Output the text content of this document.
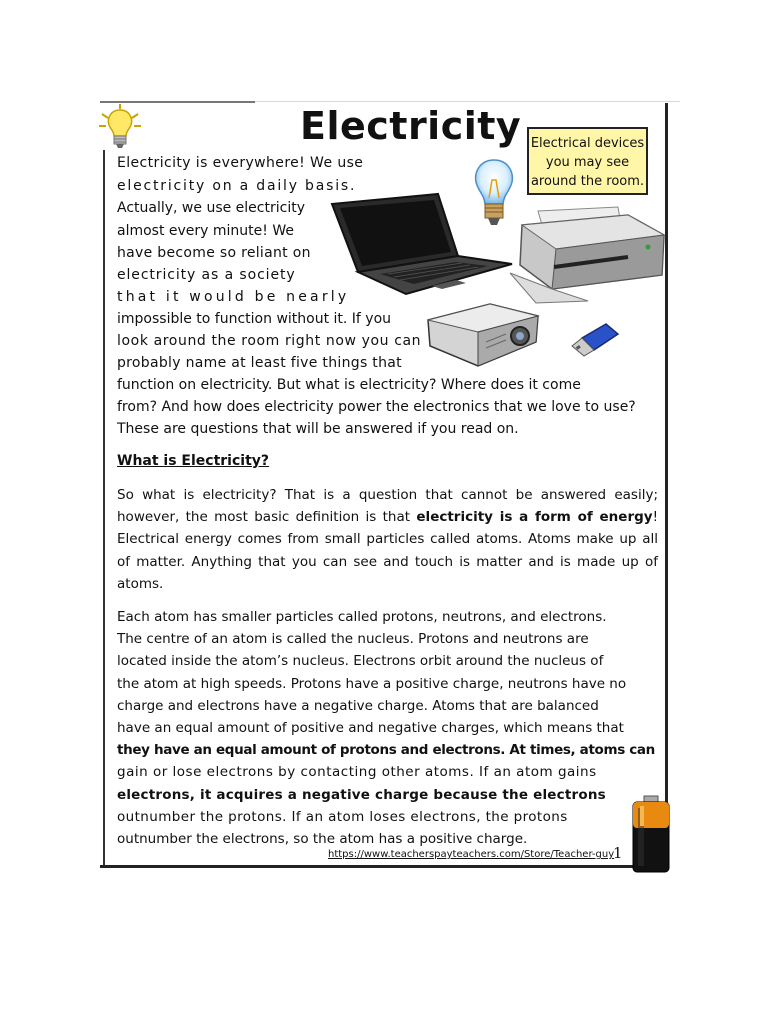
Electricity Electrical devices
you may see
around the room.
Electricity is everywhere! We use
electricity on a daily basis.
Actually, we use electricity
almost every minute! We
have become so reliant on
electricity as a society
that it would be nearly
impossible to function without it. If you
look around the room right now you can
probably name at least five things that
function on electricity. But what is electricity? Where does it come
from? And how does electricity power the electronics that we love to use?
These are questions that will be answered if you read on.
What is Electricity?
So what is electricity? That is a question that cannot be answered easily; however, the most basic definition is that electricity is a form of energy! Electrical energy comes from small particles called atoms. Atoms make up all of matter. Anything that you can see and touch is matter and is made up of atoms.
Each atom has smaller particles called protons, neutrons, and electrons.
The centre of an atom is called the nucleus. Protons and neutrons are
located inside the atom’s nucleus. Electrons orbit around the nucleus of
the atom at high speeds. Protons have a positive charge, neutrons have no
charge and electrons have a negative charge. Atoms that are balanced
have an equal amount of positive and negative charges, which means that
they have an equal amount of protons and electrons. At times, atoms can
gain or lose electrons by contacting other atoms. If an atom gains
electrons, it acquires a negative charge because the electrons
outnumber the protons. If an atom loses electrons, the protons
outnumber the electrons, so the atom has a positive charge.
https://www.teacherspayteachers.com/Store/Teacher-guy
1
